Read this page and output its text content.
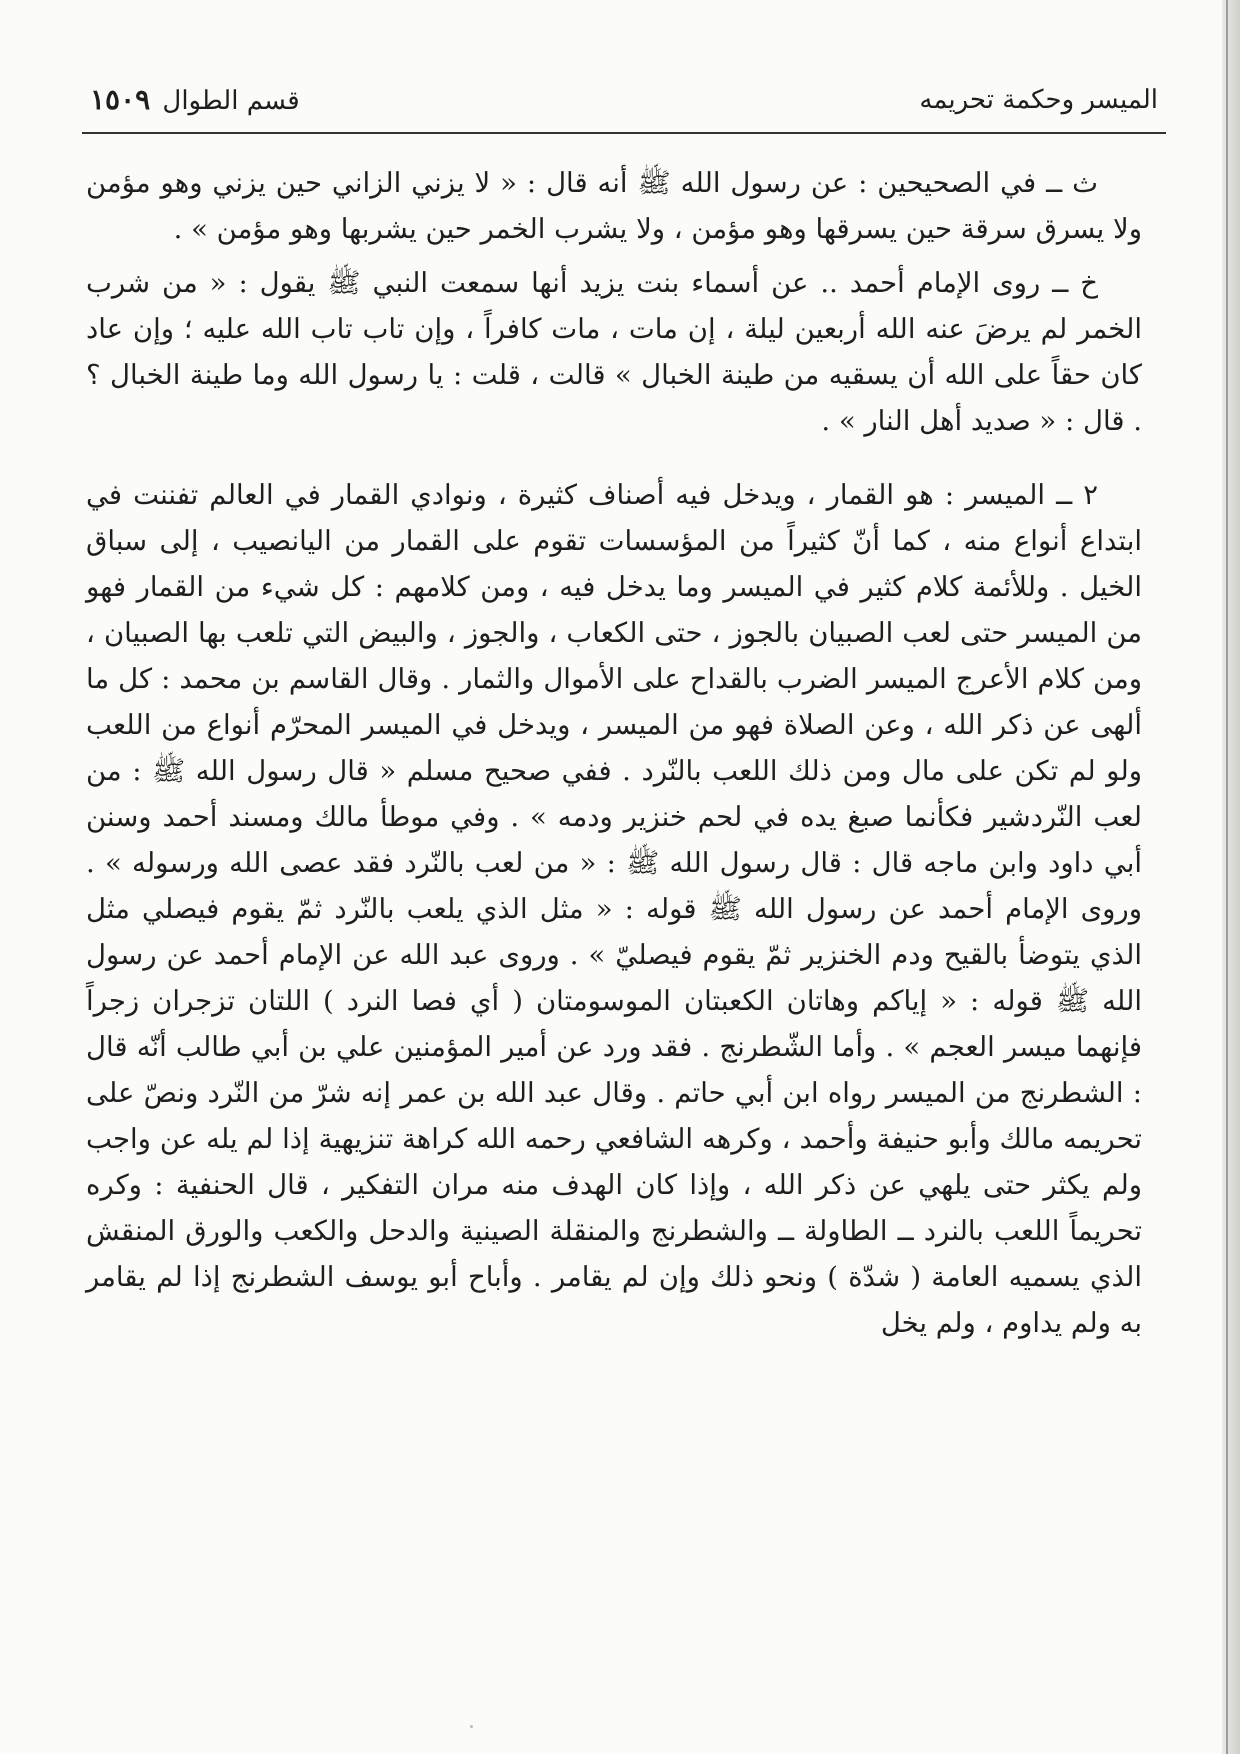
الميسر وحكمة تحريمه
قسم الطوال ١٥٠٩

ث ــ في الصحيحين : عن رسول الله ﷺ أنه قال : « لا يزني الزاني حين يزني وهو مؤمن ولا يسرق سرقة حين يسرقها وهو مؤمن ، ولا يشرب الخمر حين يشربها وهو مؤمن » .

خ ــ روى الإمام أحمد .. عن أسماء بنت يزيد أنها سمعت النبي ﷺ يقول : « من شرب الخمر لم يرضَ عنه الله أربعين ليلة ، إن مات ، مات كافراً ، وإن تاب تاب الله عليه ؛ وإن عاد كان حقاً على الله أن يسقيه من طينة الخبال » قالت ، قلت : يا رسول الله وما طينة الخبال ؟ . قال : « صديد أهل النار » .

٢ ــ الميسر : هو القمار ، ويدخل فيه أصناف كثيرة ، ونوادي القمار في العالم تفننت في ابتداع أنواع منه ، كما أنّ كثيراً من المؤسسات تقوم على القمار من اليانصيب ، إلى سباق الخيل . وللأئمة كلام كثير في الميسر وما يدخل فيه ، ومن كلامهم : كل شيء من القمار فهو من الميسر حتى لعب الصبيان بالجوز ، حتى الكعاب ، والجوز ، والبيض التي تلعب بها الصبيان ، ومن كلام الأعرج الميسر الضرب بالقداح على الأموال والثمار . وقال القاسم بن محمد : كل ما ألهى عن ذكر الله ، وعن الصلاة فهو من الميسر ، ويدخل في الميسر المحرّم أنواع من اللعب ولو لم تكن على مال ومن ذلك اللعب بالنّرد . ففي صحيح مسلم « قال رسول الله ﷺ : من لعب النّردشير فكأنما صبغ يده في لحم خنزير ودمه » . وفي موطأ مالك ومسند أحمد وسنن أبي داود وابن ماجه قال : قال رسول الله ﷺ : « من لعب بالنّرد فقد عصى الله ورسوله » . وروى الإمام أحمد عن رسول الله ﷺ قوله : « مثل الذي يلعب بالنّرد ثمّ يقوم فيصلي مثل الذي يتوضأ بالقيح ودم الخنزير ثمّ يقوم فيصليّ » . وروى عبد الله عن الإمام أحمد عن رسول الله ﷺ قوله : « إياكم وهاتان الكعبتان الموسومتان ( أي فصا النرد ) اللتان تزجران زجراً فإنهما ميسر العجم » . وأما الشّطرنج . فقد ورد عن أمير المؤمنين علي بن أبي طالب أنّه قال : الشطرنج من الميسر رواه ابن أبي حاتم . وقال عبد الله بن عمر إنه شرّ من النّرد ونصّ على تحريمه مالك وأبو حنيفة وأحمد ، وكرهه الشافعي رحمه الله كراهة تنزيهية إذا لم يله عن واجب ولم يكثر حتى يلهي عن ذكر الله ، وإذا كان الهدف منه مران التفكير ، قال الحنفية : وكره تحريماً اللعب بالنرد ــ الطاولة ــ والشطرنج والمنقلة الصينية والدحل والكعب والورق المنقش الذي يسميه العامة ( شدّة ) ونحو ذلك وإن لم يقامر . وأباح أبو يوسف الشطرنج إذا لم يقامر به ولم يداوم ، ولم يخل
